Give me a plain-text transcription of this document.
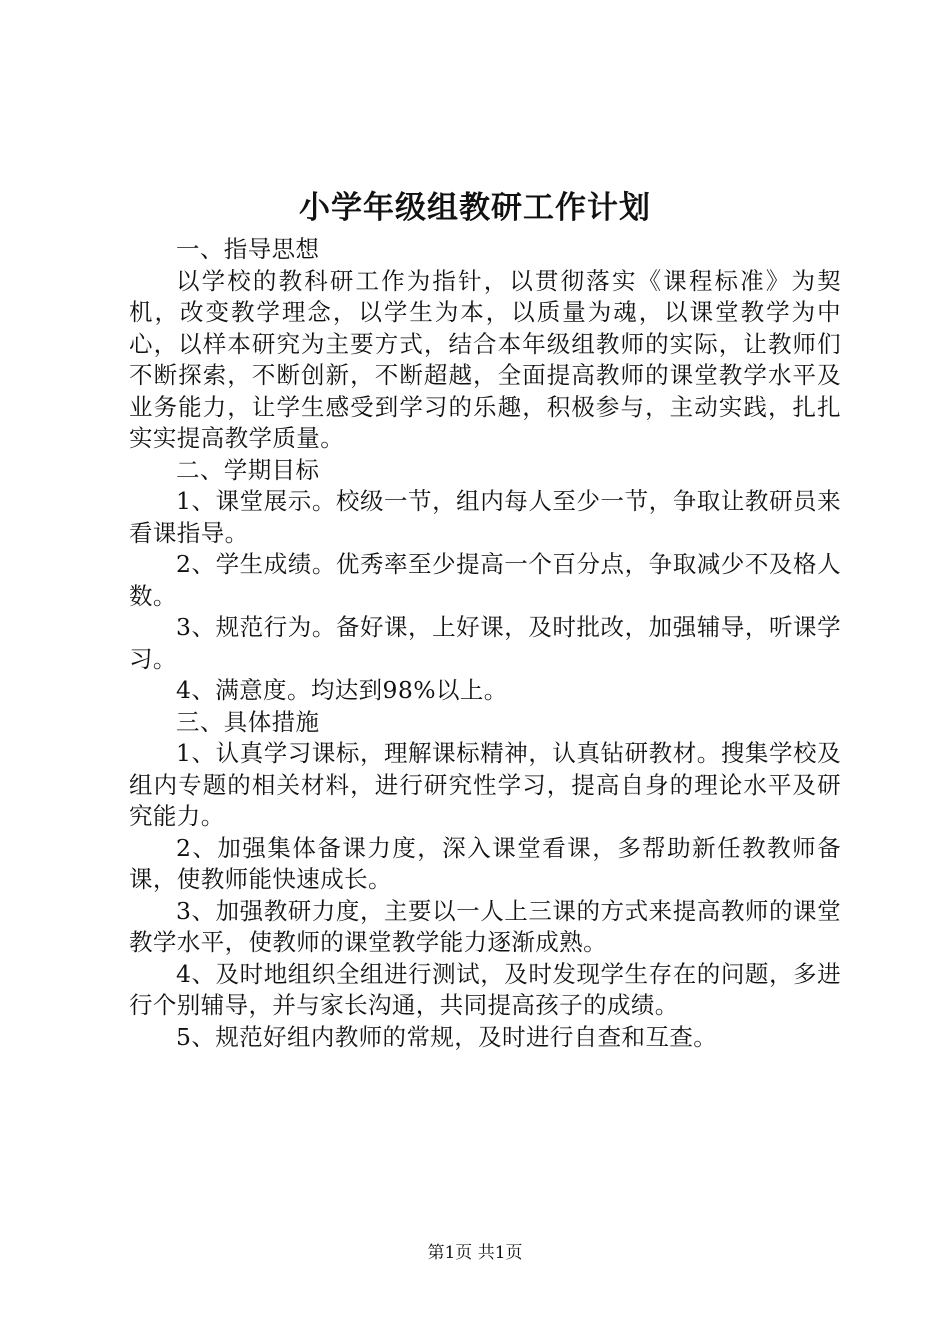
小学年级组教研工作计划

一、指导思想

以学校的教科研工作为指针，以贯彻落实《课程标准》为契机，改变教学理念，以学生为本，以质量为魂，以课堂教学为中心，以样本研究为主要方式，结合本年级组教师的实际，让教师们不断探索，不断创新，不断超越，全面提高教师的课堂教学水平及业务能力，让学生感受到学习的乐趣，积极参与，主动实践，扎扎实实提高教学质量。

二、学期目标

1、课堂展示。校级一节，组内每人至少一节，争取让教研员来看课指导。

2、学生成绩。优秀率至少提高一个百分点，争取减少不及格人数。

3、规范行为。备好课，上好课，及时批改，加强辅导，听课学习。

4、满意度。均达到98%以上。

三、具体措施

1、认真学习课标，理解课标精神，认真钻研教材。搜集学校及组内专题的相关材料，进行研究性学习，提高自身的理论水平及研究能力。

2、加强集体备课力度，深入课堂看课，多帮助新任教教师备课，使教师能快速成长。

3、加强教研力度，主要以一人上三课的方式来提高教师的课堂教学水平，使教师的课堂教学能力逐渐成熟。

4、及时地组织全组进行测试，及时发现学生存在的问题，多进行个别辅导，并与家长沟通，共同提高孩子的成绩。

5、规范好组内教师的常规，及时进行自查和互查。

第1页 共1页
